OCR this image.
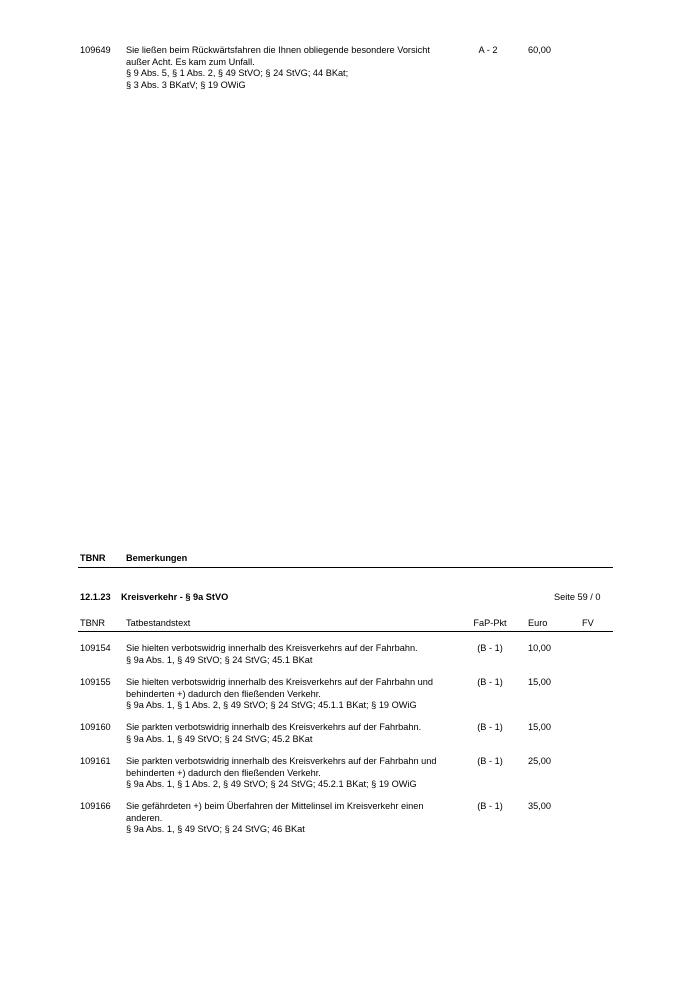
109649 Sie ließen beim Rückwärtsfahren die Ihnen obliegende besondere Vorsicht
außer Acht. Es kam zum Unfall.
§ 9 Abs. 5, § 1 Abs. 2, § 49 StVO; § 24 StVG; 44 BKat;
§ 3 Abs. 3 BKatV; § 19 OWiG
A - 2	60,00
TBNR Bemerkungen
12.1.23 Kreisverkehr - § 9a StVO	Seite 59 / 0
TBNR Tatbestandstext	FaP-Pkt	Euro	FV
109154 Sie hielten verbotswidrig innerhalb des Kreisverkehrs auf der Fahrbahn.
§ 9a Abs. 1, § 49 StVO; § 24 StVG; 45.1 BKat
(B - 1)	10,00
109155 Sie hielten verbotswidrig innerhalb des Kreisverkehrs auf der Fahrbahn und
behinderten +) dadurch den fließenden Verkehr.
§ 9a Abs. 1, § 1 Abs. 2, § 49 StVO; § 24 StVG; 45.1.1 BKat; § 19 OWiG
(B - 1)	15,00
109160 Sie parkten verbotswidrig innerhalb des Kreisverkehrs auf der Fahrbahn.
§ 9a Abs. 1, § 49 StVO; § 24 StVG; 45.2 BKat
(B - 1)	15,00
109161 Sie parkten verbotswidrig innerhalb des Kreisverkehrs auf der Fahrbahn und
behinderten +) dadurch den fließenden Verkehr.
§ 9a Abs. 1, § 1 Abs. 2, § 49 StVO; § 24 StVG; 45.2.1 BKat; § 19 OWiG
(B - 1)	25,00
109166 Sie gefährdeten +) beim Überfahren der Mittelinsel im Kreisverkehr einen
anderen.
§ 9a Abs. 1, § 49 StVO; § 24 StVG; 46 BKat
(B - 1)	35,00
